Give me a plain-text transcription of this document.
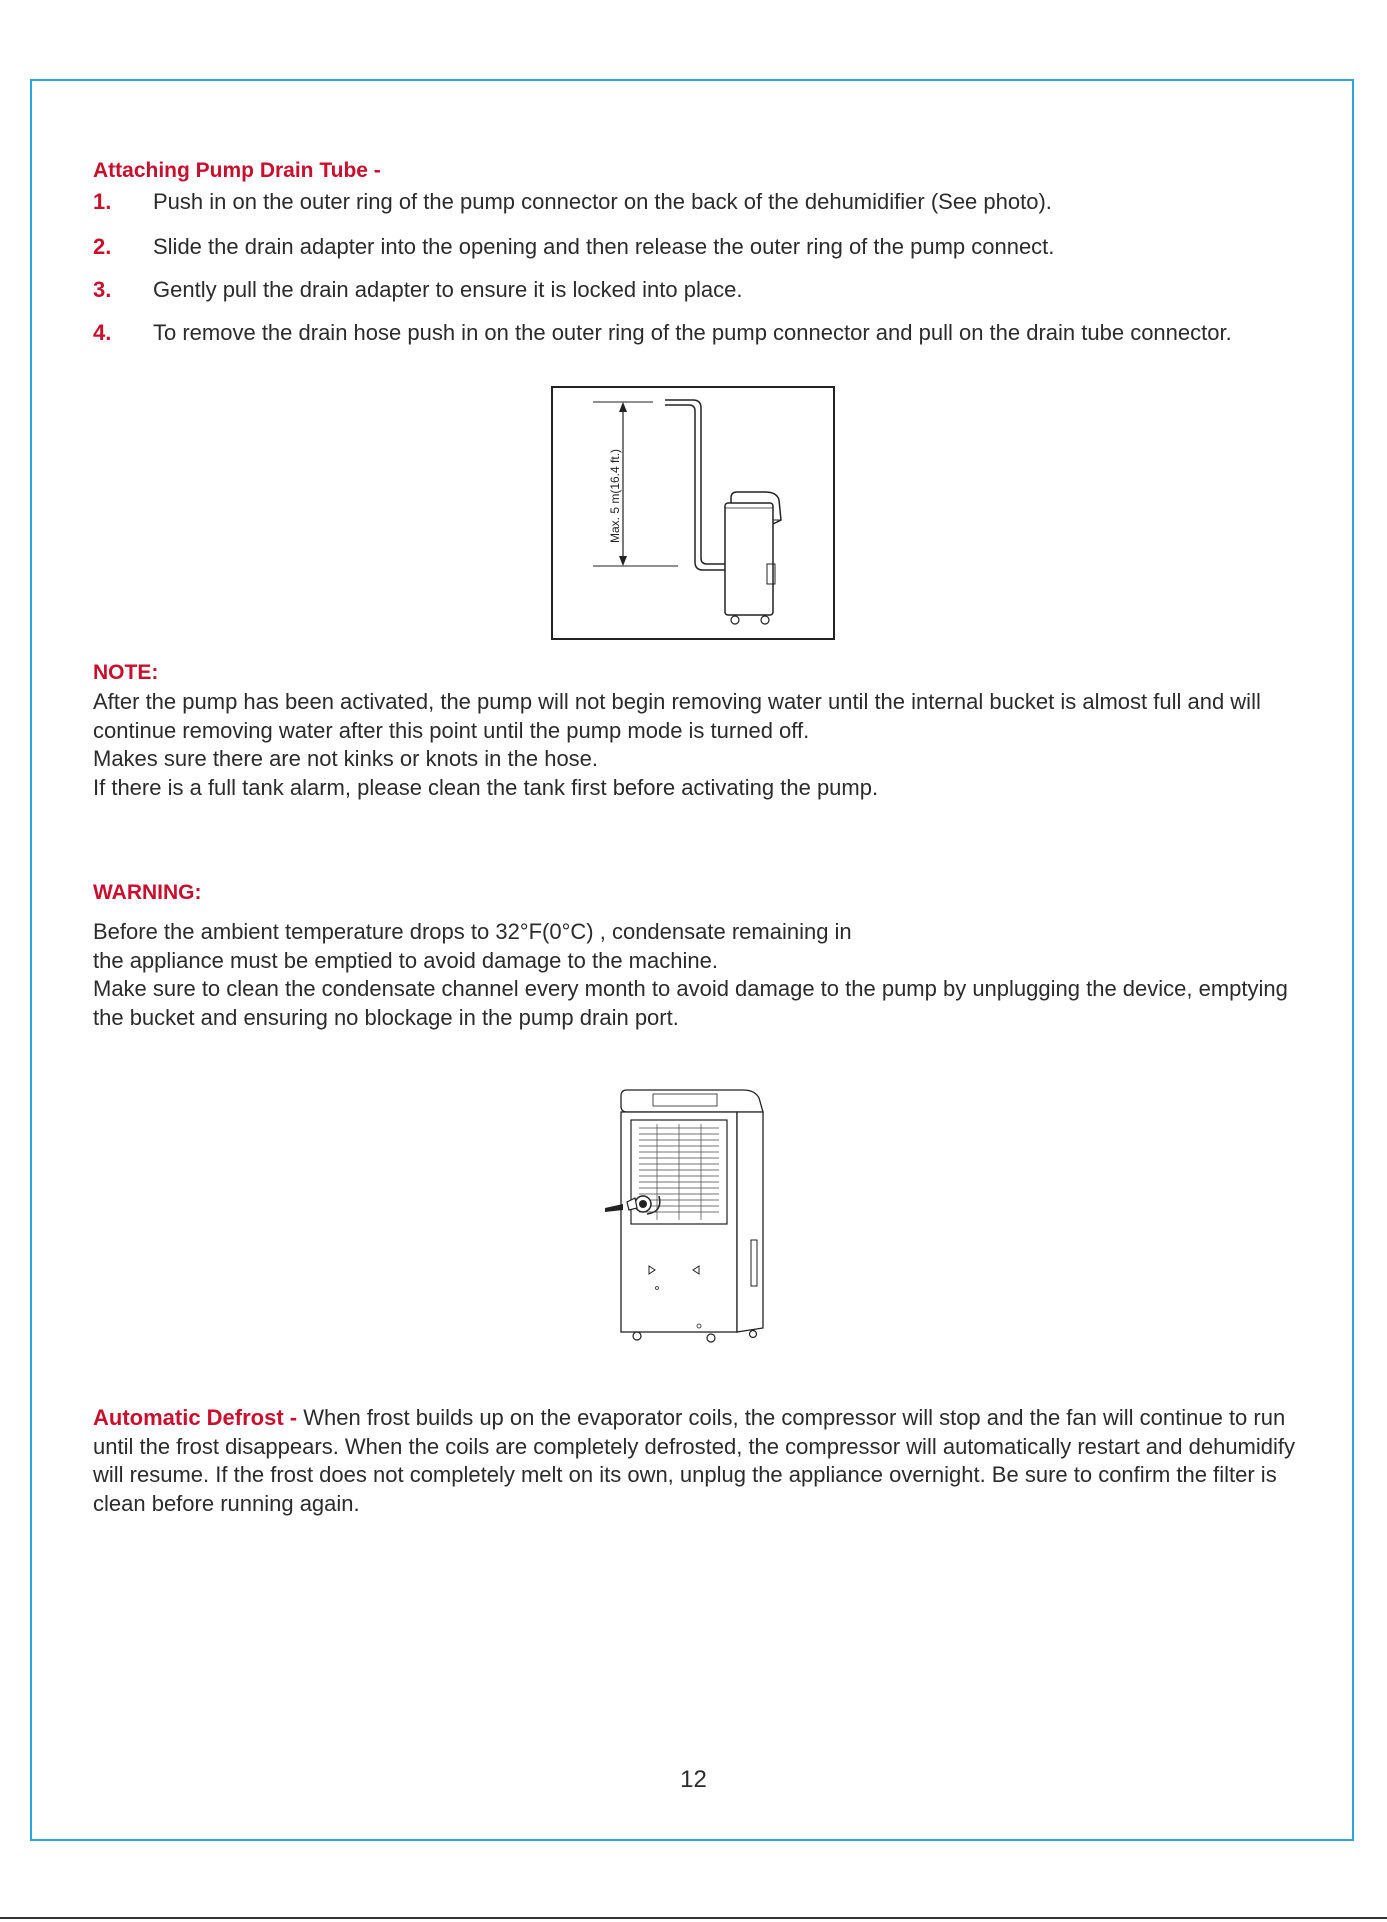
Attaching Pump Drain Tube -
1. Push in on the outer ring of the pump connector on the back of the dehumidifier (See photo).
2. Slide the drain adapter into the opening and then release the outer ring of the pump connect.
3. Gently pull the drain adapter to ensure it is locked into place.
4. To remove the drain hose push in on the outer ring of the pump connector and pull on the drain tube connector.
Max. 5 m(16.4 ft.)
NOTE:

After the pump has been activated, the pump will not begin removing water until the internal bucket is almost full and will continue removing water after this point until the pump mode is turned off.

Makes sure there are not kinks or knots in the hose.

If there is a full tank alarm, please clean the tank first before activating the pump.

WARNING:

Before the ambient temperature drops to 32°F(0°C) , condensate remaining in

the appliance must be emptied to avoid damage to the machine.

Make sure to clean the condensate channel every month to avoid damage to the pump by unplugging the device, emptying the bucket and ensuring no blockage in the pump drain port.

Automatic Defrost - When frost builds up on the evaporator coils, the compressor will stop and the fan will continue to run until the frost disappears. When the coils are completely defrosted, the compressor will automatically restart and dehumidify will resume. If the frost does not completely melt on its own, unplug the appliance overnight. Be sure to confirm the filter is clean before running again.
12
